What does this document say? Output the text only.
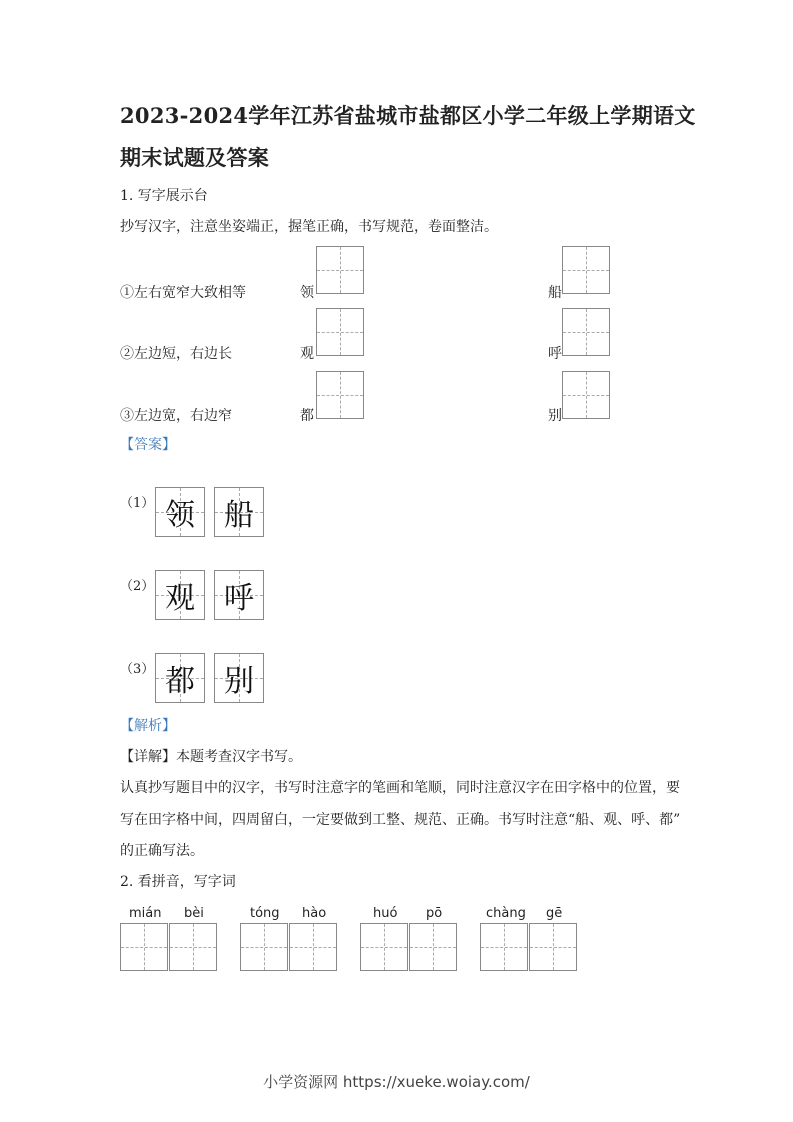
2023-2024学年江苏省盐城市盐都区小学二年级上学期语文
期末试题及答案
1. 写字展示台
抄写汉字，注意坐姿端正，握笔正确，书写规范，卷面整洁。
①左右宽窄大致相等	领	船
②左边短，右边长	观	呼
③左边宽，右边窄	都	别
【答案】
（1） 领 船
（2） 观 呼
（3） 都 别
【解析】
【详解】本题考查汉字书写。
认真抄写题目中的汉字，书写时注意字的笔画和笔顺，同时注意汉字在田字格中的位置，要
写在田字格中间，四周留白，一定要做到工整、规范、正确。书写时注意“船、观、呼、都”
的正确写法。
2. 看拼音，写字词
mián bèi	tóng hào	huó pō	chàng gē
小学资源网 https://xueke.woiay.com/
